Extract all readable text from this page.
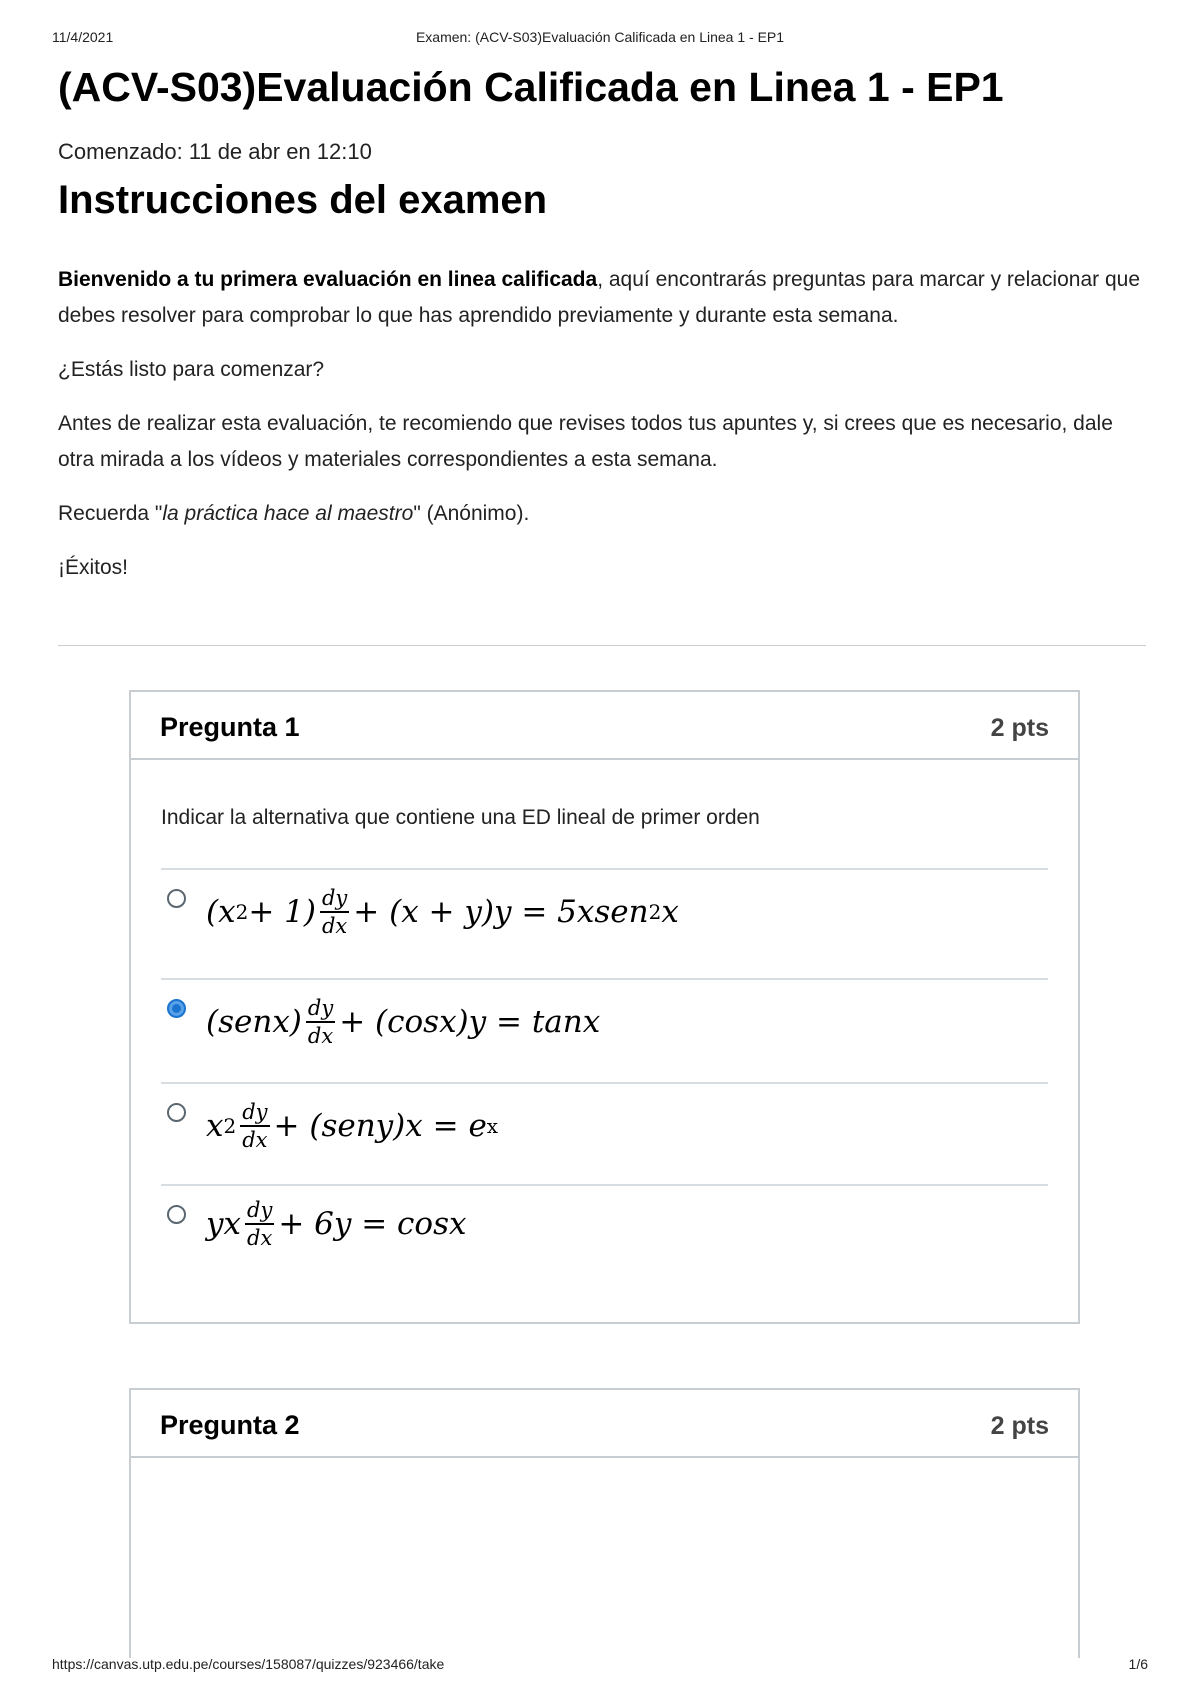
11/4/2021	Examen: (ACV-S03)Evaluación Calificada en Linea 1 - EP1
(ACV-S03)Evaluación Calificada en Linea 1 - EP1
Comenzado: 11 de abr en 12:10
Instrucciones del examen

Bienvenido a tu primera evaluación en linea calificada, aquí encontrarás preguntas para marcar y relacionar que debes resolver para comprobar lo que has aprendido previamente y durante esta semana.

¿Estás listo para comenzar?

Antes de realizar esta evaluación, te recomiendo que revises todos tus apuntes y, si crees que es necesario, dale otra mirada a los vídeos y materiales correspondientes a esta semana.

Recuerda "la práctica hace al maestro" (Anónimo).

¡Éxitos!

Pregunta 1	2 pts
Indicar la alternativa que contiene una ED lineal de primer orden
(x $2 + 1) \frac{dy}{dx} + (x + y)y$ = 5xsen 2 x
(senx) $\frac{dy}{dx} + (\cos x)y = \tan x$
x $2 \frac{dy}{dx}$ + (seny)x = e x
yx $\frac{dy}{dx} + 6y = \cos x$
Pregunta 2	2 pts
https://canvas.utp.edu.pe/courses/158087/quizzes/923466/take	1/6
